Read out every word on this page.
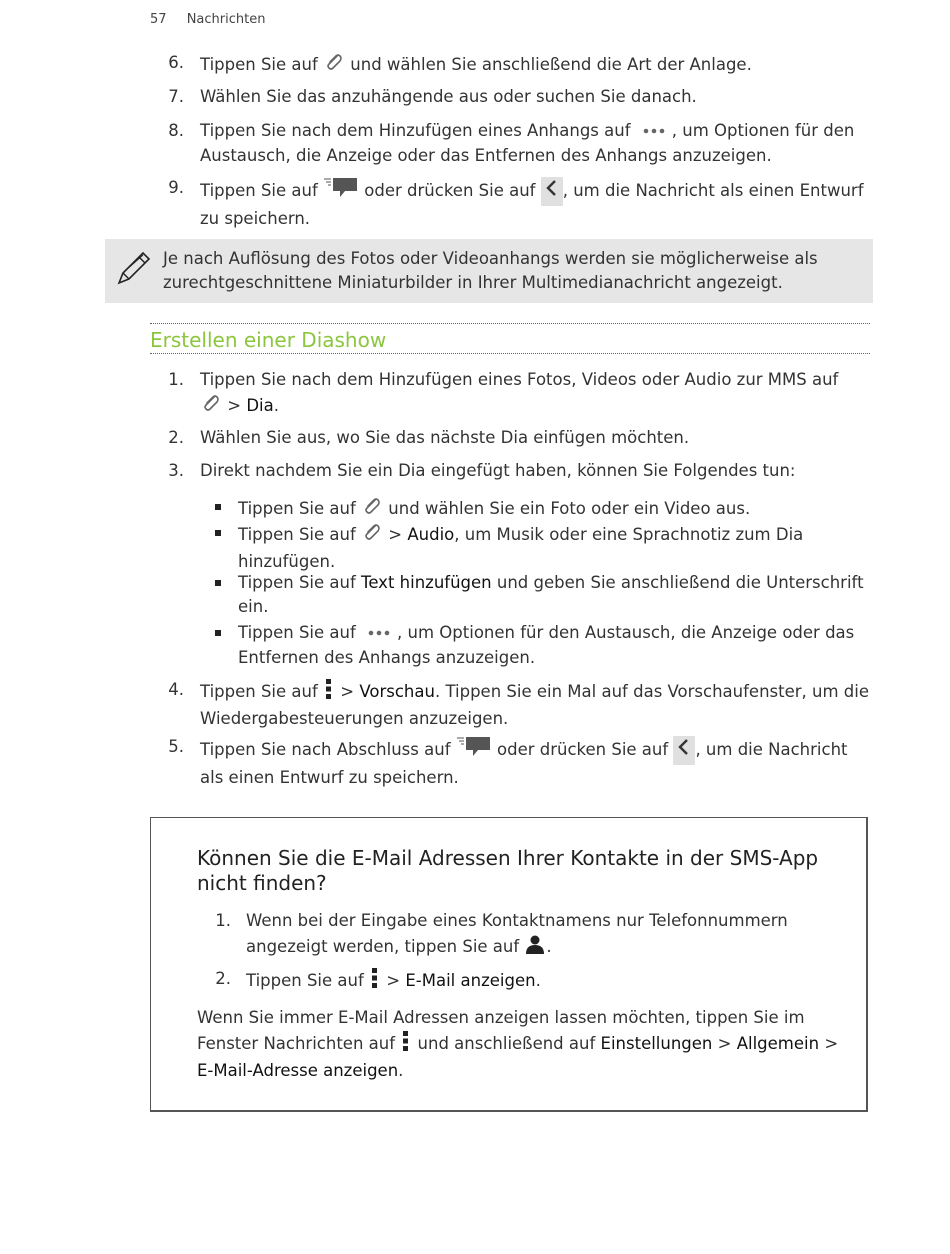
57 Nachrichten
6. Tippen Sie auf  und wählen Sie anschließend die Art der Anlage.
7. Wählen Sie das anzuhängende aus oder suchen Sie danach.
8. Tippen Sie nach dem Hinzufügen eines Anhangs auf , um Optionen für den
Austausch, die Anzeige oder das Entfernen des Anhangs anzuzeigen.
9. Tippen Sie auf  oder drücken Sie auf , um die Nachricht als einen Entwurf
zu speichern.
Je nach Auflösung des Fotos oder Videoanhangs werden sie möglicherweise als
zurechtgeschnittene Miniaturbilder in Ihrer Multimedianachricht angezeigt.
Erstellen einer Diashow
1. Tippen Sie nach dem Hinzufügen eines Fotos, Videos oder Audio zur MMS auf
> Dia.
2. Wählen Sie aus, wo Sie das nächste Dia einfügen möchten.
3. Direkt nachdem Sie ein Dia eingefügt haben, können Sie Folgendes tun:
Tippen Sie auf  und wählen Sie ein Foto oder ein Video aus.
Tippen Sie auf  > Audio, um Musik oder eine Sprachnotiz zum Dia
hinzufügen.
Tippen Sie auf Text hinzufügen und geben Sie anschließend die Unterschrift
ein.
Tippen Sie auf , um Optionen für den Austausch, die Anzeige oder das
Entfernen des Anhangs anzuzeigen.
4. Tippen Sie auf  > Vorschau. Tippen Sie ein Mal auf das Vorschaufenster, um die
Wiedergabesteuerungen anzuzeigen.
5. Tippen Sie nach Abschluss auf  oder drücken Sie auf , um die Nachricht
als einen Entwurf zu speichern.
Können Sie die E-Mail Adressen Ihrer Kontakte in der SMS-App nicht finden?
1. Wenn bei der Eingabe eines Kontaktnamens nur Telefonnummern
angezeigt werden, tippen Sie auf .
2. Tippen Sie auf  > E-Mail anzeigen.
Wenn Sie immer E-Mail Adressen anzeigen lassen möchten, tippen Sie im
Fenster Nachrichten auf  und anschließend auf Einstellungen > Allgemein >
E-Mail-Adresse anzeigen.
